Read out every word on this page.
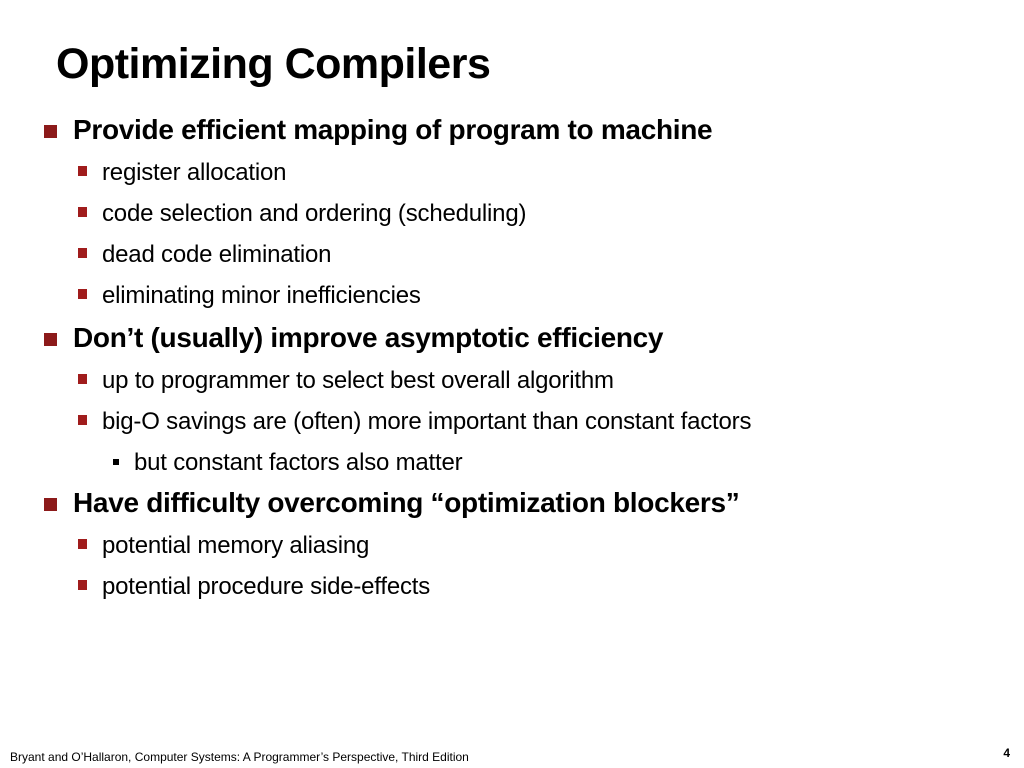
Optimizing Compilers
Provide efficient mapping of program to machine
register allocation
code selection and ordering (scheduling)
dead code elimination
eliminating minor inefficiencies
Don’t (usually) improve asymptotic efficiency
up to programmer to select best overall algorithm
big-O savings are (often) more important than constant factors
but constant factors also matter
Have difficulty overcoming “optimization blockers”
potential memory aliasing
potential procedure side-effects
Bryant and O’Hallaron, Computer Systems: A Programmer’s Perspective, Third Edition	4
